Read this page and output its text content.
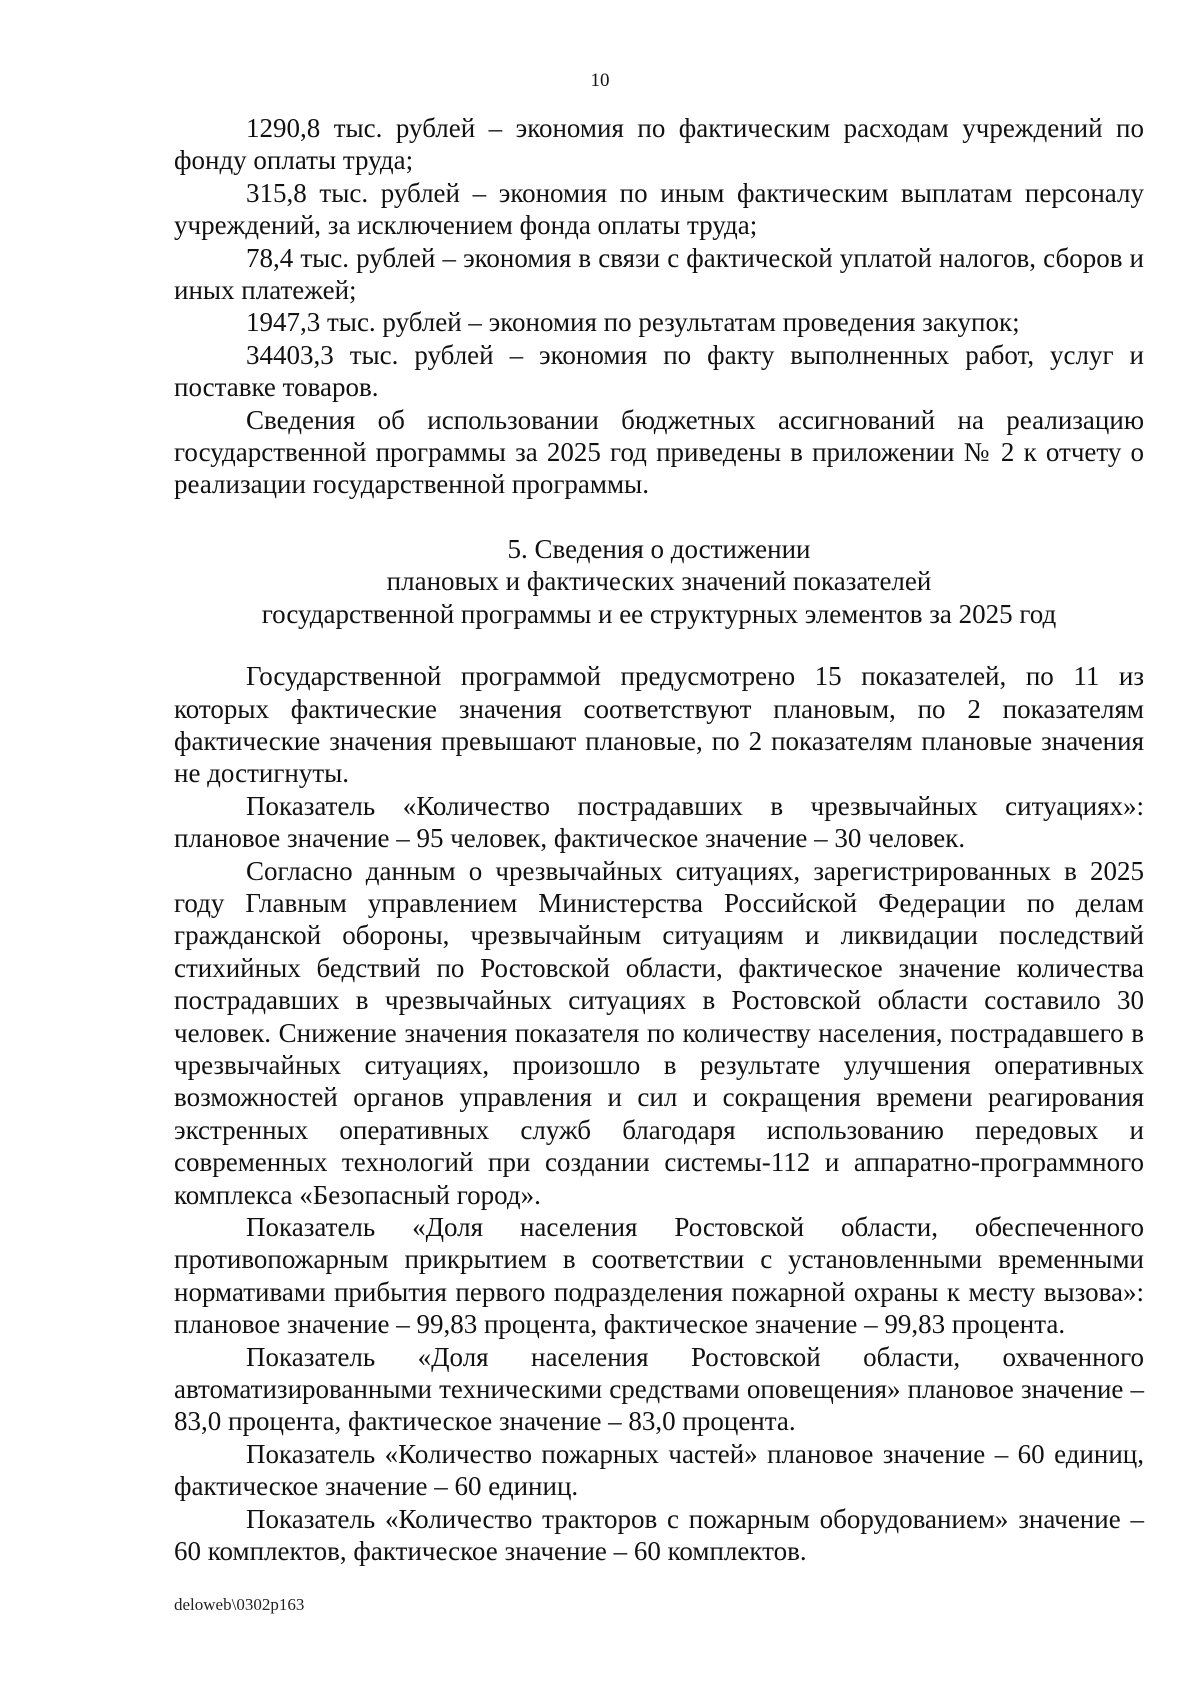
10

1290,8 тыс. рублей – экономия по фактическим расходам учреждений по фонду оплаты труда;

315,8 тыс. рублей – экономия по иным фактическим выплатам персоналу учреждений, за исключением фонда оплаты труда;

78,4 тыс. рублей – экономия в связи с фактической уплатой налогов, сборов и иных платежей;

1947,3 тыс. рублей – экономия по результатам проведения закупок;

34403,3 тыс. рублей – экономия по факту выполненных работ, услуг и поставке товаров.

Сведения об использовании бюджетных ассигнований на реализацию государственной программы за 2025 год приведены в приложении № 2 к отчету о реализации государственной программы.

5. Сведения о достижении
плановых и фактических значений показателей
государственной программы и ее структурных элементов за 2025 год

Государственной программой предусмотрено 15 показателей, по 11 из которых фактические значения соответствуют плановым, по 2 показателям фактические значения превышают плановые, по 2 показателям плановые значения не достигнуты.

Показатель «Количество пострадавших в чрезвычайных ситуациях»: плановое значение – 95 человек, фактическое значение – 30 человек.

Согласно данным о чрезвычайных ситуациях, зарегистрированных в 2025 году Главным управлением Министерства Российской Федерации по делам гражданской обороны, чрезвычайным ситуациям и ликвидации последствий стихийных бедствий по Ростовской области, фактическое значение количества пострадавших в чрезвычайных ситуациях в Ростовской области составило 30 человек. Снижение значения показателя по количеству населения, пострадавшего в чрезвычайных ситуациях, произошло в результате улучшения оперативных возможностей органов управления и сил и сокращения времени реагирования экстренных оперативных служб благодаря использованию передовых и современных технологий при создании системы-112 и аппаратно-программного комплекса «Безопасный город».

Показатель «Доля населения Ростовской области, обеспеченного противопожарным прикрытием в соответствии с установленными временными нормативами прибытия первого подразделения пожарной охраны к месту вызова»: плановое значение – 99,83 процента, фактическое значение – 99,83 процента.

Показатель «Доля населения Ростовской области, охваченного автоматизированными техническими средствами оповещения» плановое значение – 83,0 процента, фактическое значение – 83,0 процента.

Показатель «Количество пожарных частей» плановое значение – 60 единиц, фактическое значение – 60 единиц.

Показатель «Количество тракторов с пожарным оборудованием» значение – 60 комплектов, фактическое значение – 60 комплектов.

deloweb\0302p163
